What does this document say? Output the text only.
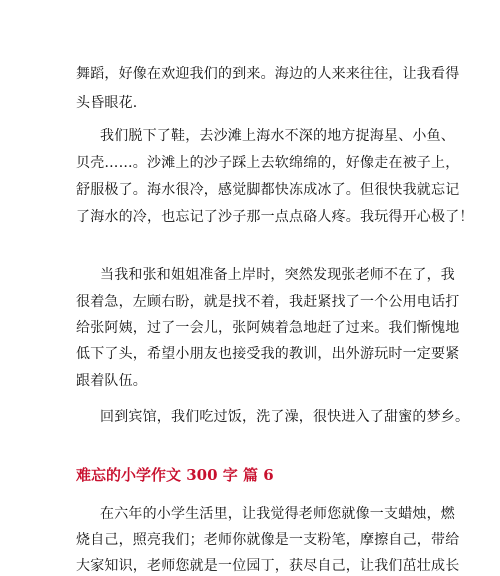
舞蹈，好像在欢迎我们的到来。海边的人来来往往，让我看得
头昏眼花.
我们脱下了鞋，去沙滩上海水不深的地方捉海星、小鱼、
贝壳……。沙滩上的沙子踩上去软绵绵的，好像走在被子上，
舒服极了。海水很冷，感觉脚都快冻成冰了。但很快我就忘记
了海水的冷，也忘记了沙子那一点点硌人疼。我玩得开心极了！
当我和张和姐姐准备上岸时，突然发现张老师不在了，我
很着急，左顾右盼，就是找不着，我赶紧找了一个公用电话打
给张阿姨，过了一会儿，张阿姨着急地赶了过来。我们惭愧地
低下了头，希望小朋友也接受我的教训，出外游玩时一定要紧
跟着队伍。
回到宾馆，我们吃过饭，洗了澡，很快进入了甜蜜的梦乡。
难忘的小学作文 300 字 篇 6
在六年的小学生活里，让我觉得老师您就像一支蜡烛，燃
烧自己，照亮我们；老师你就像是一支粉笔，摩擦自己，带给
大家知识，老师您就是一位园丁，获尽自己，让我们茁壮成长
